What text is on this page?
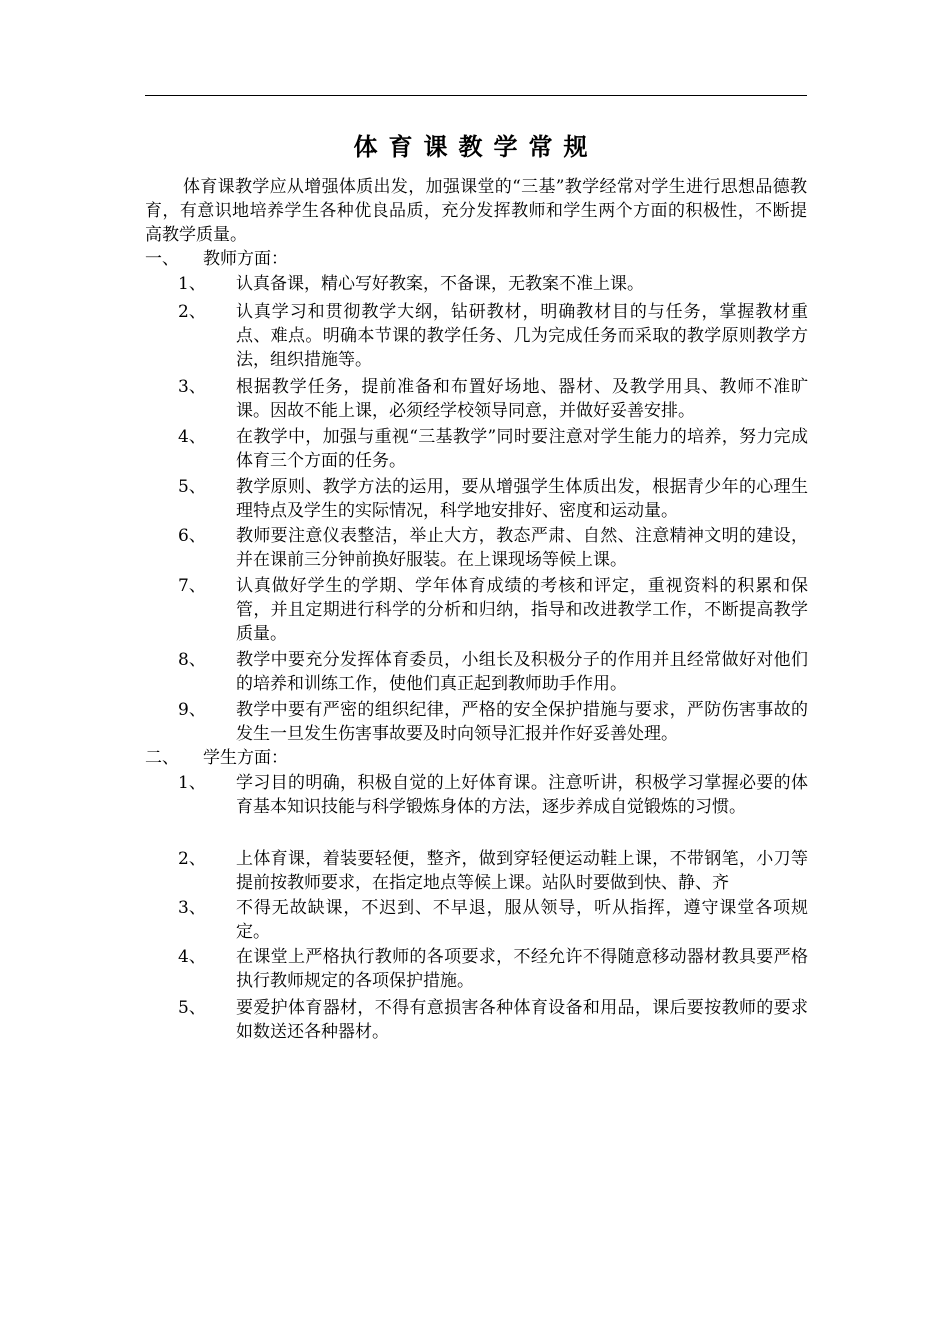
体育课教学常规
体育课教学应从增强体质出发，加强课堂的“三基”教学经常对学生进行思想品德教育，有意识地培养学生各种优良品质，充分发挥教师和学生两个方面的积极性，不断提高教学质量。
一、 教师方面：
1、	认真备课，精心写好教案，不备课，无教案不准上课。
2、	认真学习和贯彻教学大纲，钻研教材，明确教材目的与任务，掌握教材重点、难点。明确本节课的教学任务、几为完成任务而采取的教学原则教学方法，组织措施等。
3、	根据教学任务，提前准备和布置好场地、器材、及教学用具、教师不准旷课。因故不能上课，必须经学校领导同意，并做好妥善安排。
4、	在教学中，加强与重视“三基教学”同时要注意对学生能力的培养，努力完成体育三个方面的任务。
5、	教学原则、教学方法的运用，要从增强学生体质出发，根据青少年的心理生理特点及学生的实际情况，科学地安排好、密度和运动量。
6、	教师要注意仪表整洁，举止大方，教态严肃、自然、注意精神文明的建设，并在课前三分钟前换好服装。在上课现场等候上课。
7、	认真做好学生的学期、学年体育成绩的考核和评定，重视资料的积累和保管，并且定期进行科学的分析和归纳，指导和改进教学工作，不断提高教学质量。
8、	教学中要充分发挥体育委员，小组长及积极分子的作用并且经常做好对他们的培养和训练工作，使他们真正起到教师助手作用。
9、	教学中要有严密的组织纪律，严格的安全保护措施与要求，严防伤害事故的发生一旦发生伤害事故要及时向领导汇报并作好妥善处理。
二、 学生方面：
1、	学习目的明确，积极自觉的上好体育课。注意听讲，积极学习掌握必要的体育基本知识技能与科学锻炼身体的方法，逐步养成自觉锻炼的习惯。
2、	上体育课，着装要轻便，整齐，做到穿轻便运动鞋上课，不带钢笔，小刀等提前按教师要求，在指定地点等候上课。站队时要做到快、静、齐
3、	不得无故缺课，不迟到、不早退，服从领导，听从指挥，遵守课堂各项规定。
4、	在课堂上严格执行教师的各项要求，不经允许不得随意移动器材教具要严格执行教师规定的各项保护措施。
5、	要爱护体育器材，不得有意损害各种体育设备和用品，课后要按教师的要求如数送还各种器材。
